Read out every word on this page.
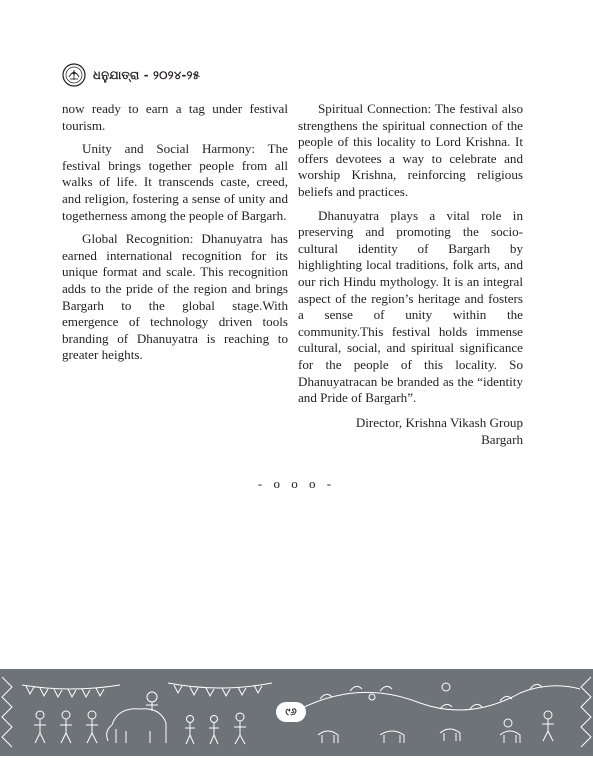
ଧନୁଯାତ୍ରା - ୨୦୨୪-୨୫

now ready to earn a tag under festival tourism.

Unity and Social Harmony: The festival brings together people from all walks of life. It transcends caste, creed, and religion, fostering a sense of unity and togetherness among the people of Bargarh.

Global Recognition: Dhanuyatra has earned international recognition for its unique format and scale. This recognition adds to the pride of the region and brings Bargarh to the global stage.With emergence of technology driven tools branding of Dhanuyatra is reaching to greater heights.

Spiritual Connection: The festival also strengthens the spiritual connection of the people of this locality to Lord Krishna. It offers devotees a way to celebrate and worship Krishna, reinforcing religious beliefs and practices.

Dhanuyatra plays a vital role in preserving and promoting the socio-cultural identity of Bargarh by highlighting local traditions, folk arts, and our rich Hindu mythology. It is an integral aspect of the region’s heritage and fosters a sense of unity within the community.This festival holds immense cultural, social, and spiritual significance for the people of this locality. So Dhanuyatracan be branded as the “identity and Pride of Bargarh”.

Director, Krishna Vikash Group
Bargarh
- o o o -
୯୬
